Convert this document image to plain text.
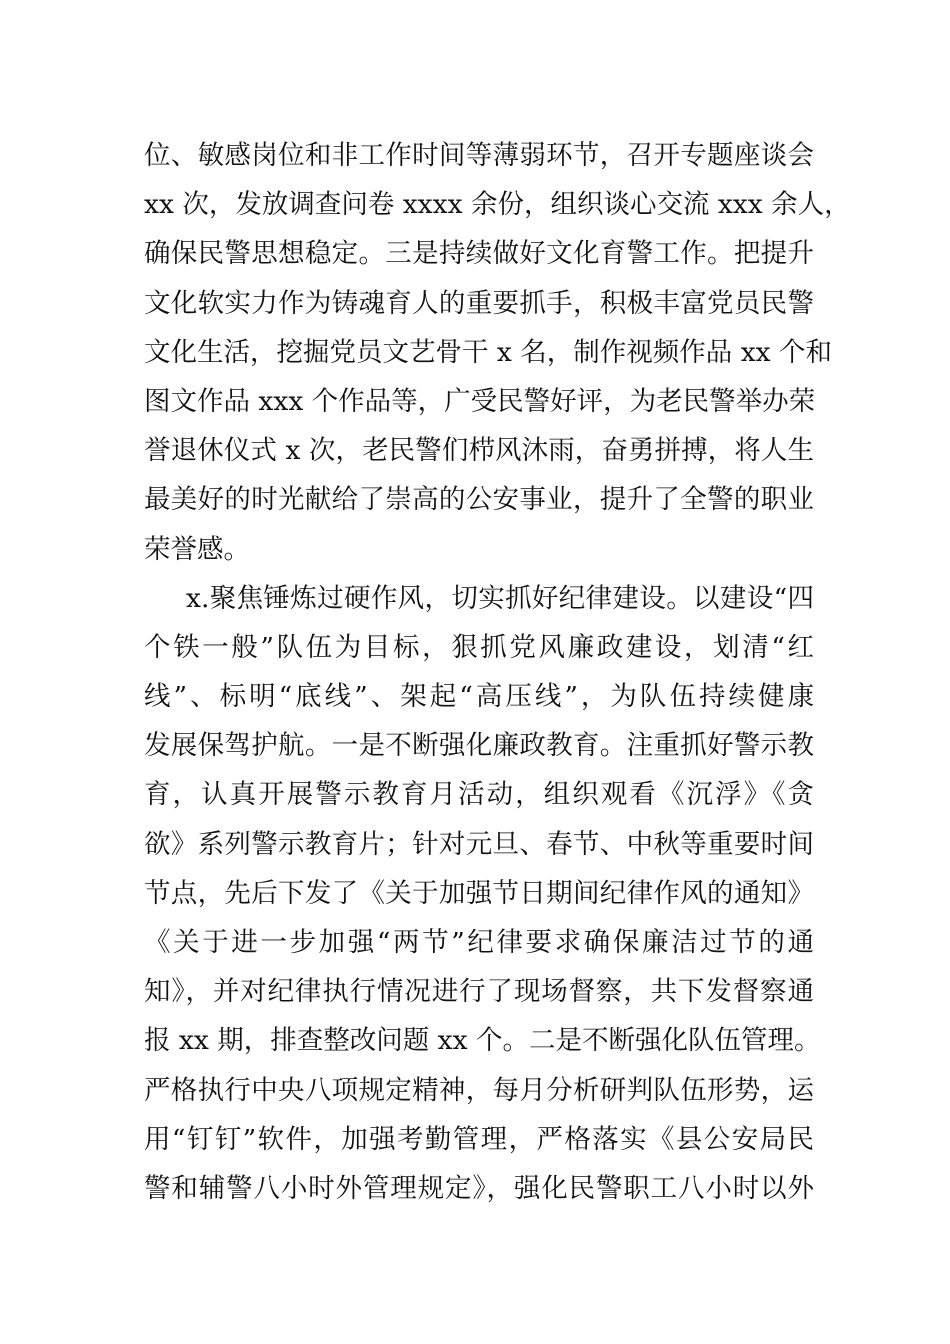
位、敏感岗位和非工作时间等薄弱环节，召开专题座谈会
xx 次，发放调查问卷 xxxx 余份，组织谈心交流 xxx 余人，
确保民警思想稳定。三是持续做好文化育警工作。把提升
文化软实力作为铸魂育人的重要抓手，积极丰富党员民警
文化生活，挖掘党员文艺骨干 x 名，制作视频作品 xx 个和
图文作品 xxx 个作品等，广受民警好评，为老民警举办荣
誉退休仪式 x 次，老民警们栉风沐雨，奋勇拼搏，将人生
最美好的时光献给了崇高的公安事业，提升了全警的职业
荣誉感。
x.聚焦锤炼过硬作风，切实抓好纪律建设。以建设“四
个铁一般”队伍为目标，狠抓党风廉政建设，划清“红
线”、标明“底线”、架起“高压线”，为队伍持续健康
发展保驾护航。一是不断强化廉政教育。注重抓好警示教
育，认真开展警示教育月活动，组织观看《沉浮》《贪
欲》系列警示教育片；针对元旦、春节、中秋等重要时间
节点，先后下发了《关于加强节日期间纪律作风的通知》
《关于进一步加强“两节”纪律要求确保廉洁过节的通
知》，并对纪律执行情况进行了现场督察，共下发督察通
报 xx 期，排查整改问题 xx 个。二是不断强化队伍管理。
严格执行中央八项规定精神，每月分析研判队伍形势，运
用“钉钉”软件，加强考勤管理，严格落实《县公安局民
警和辅警八小时外管理规定》，强化民警职工八小时以外
